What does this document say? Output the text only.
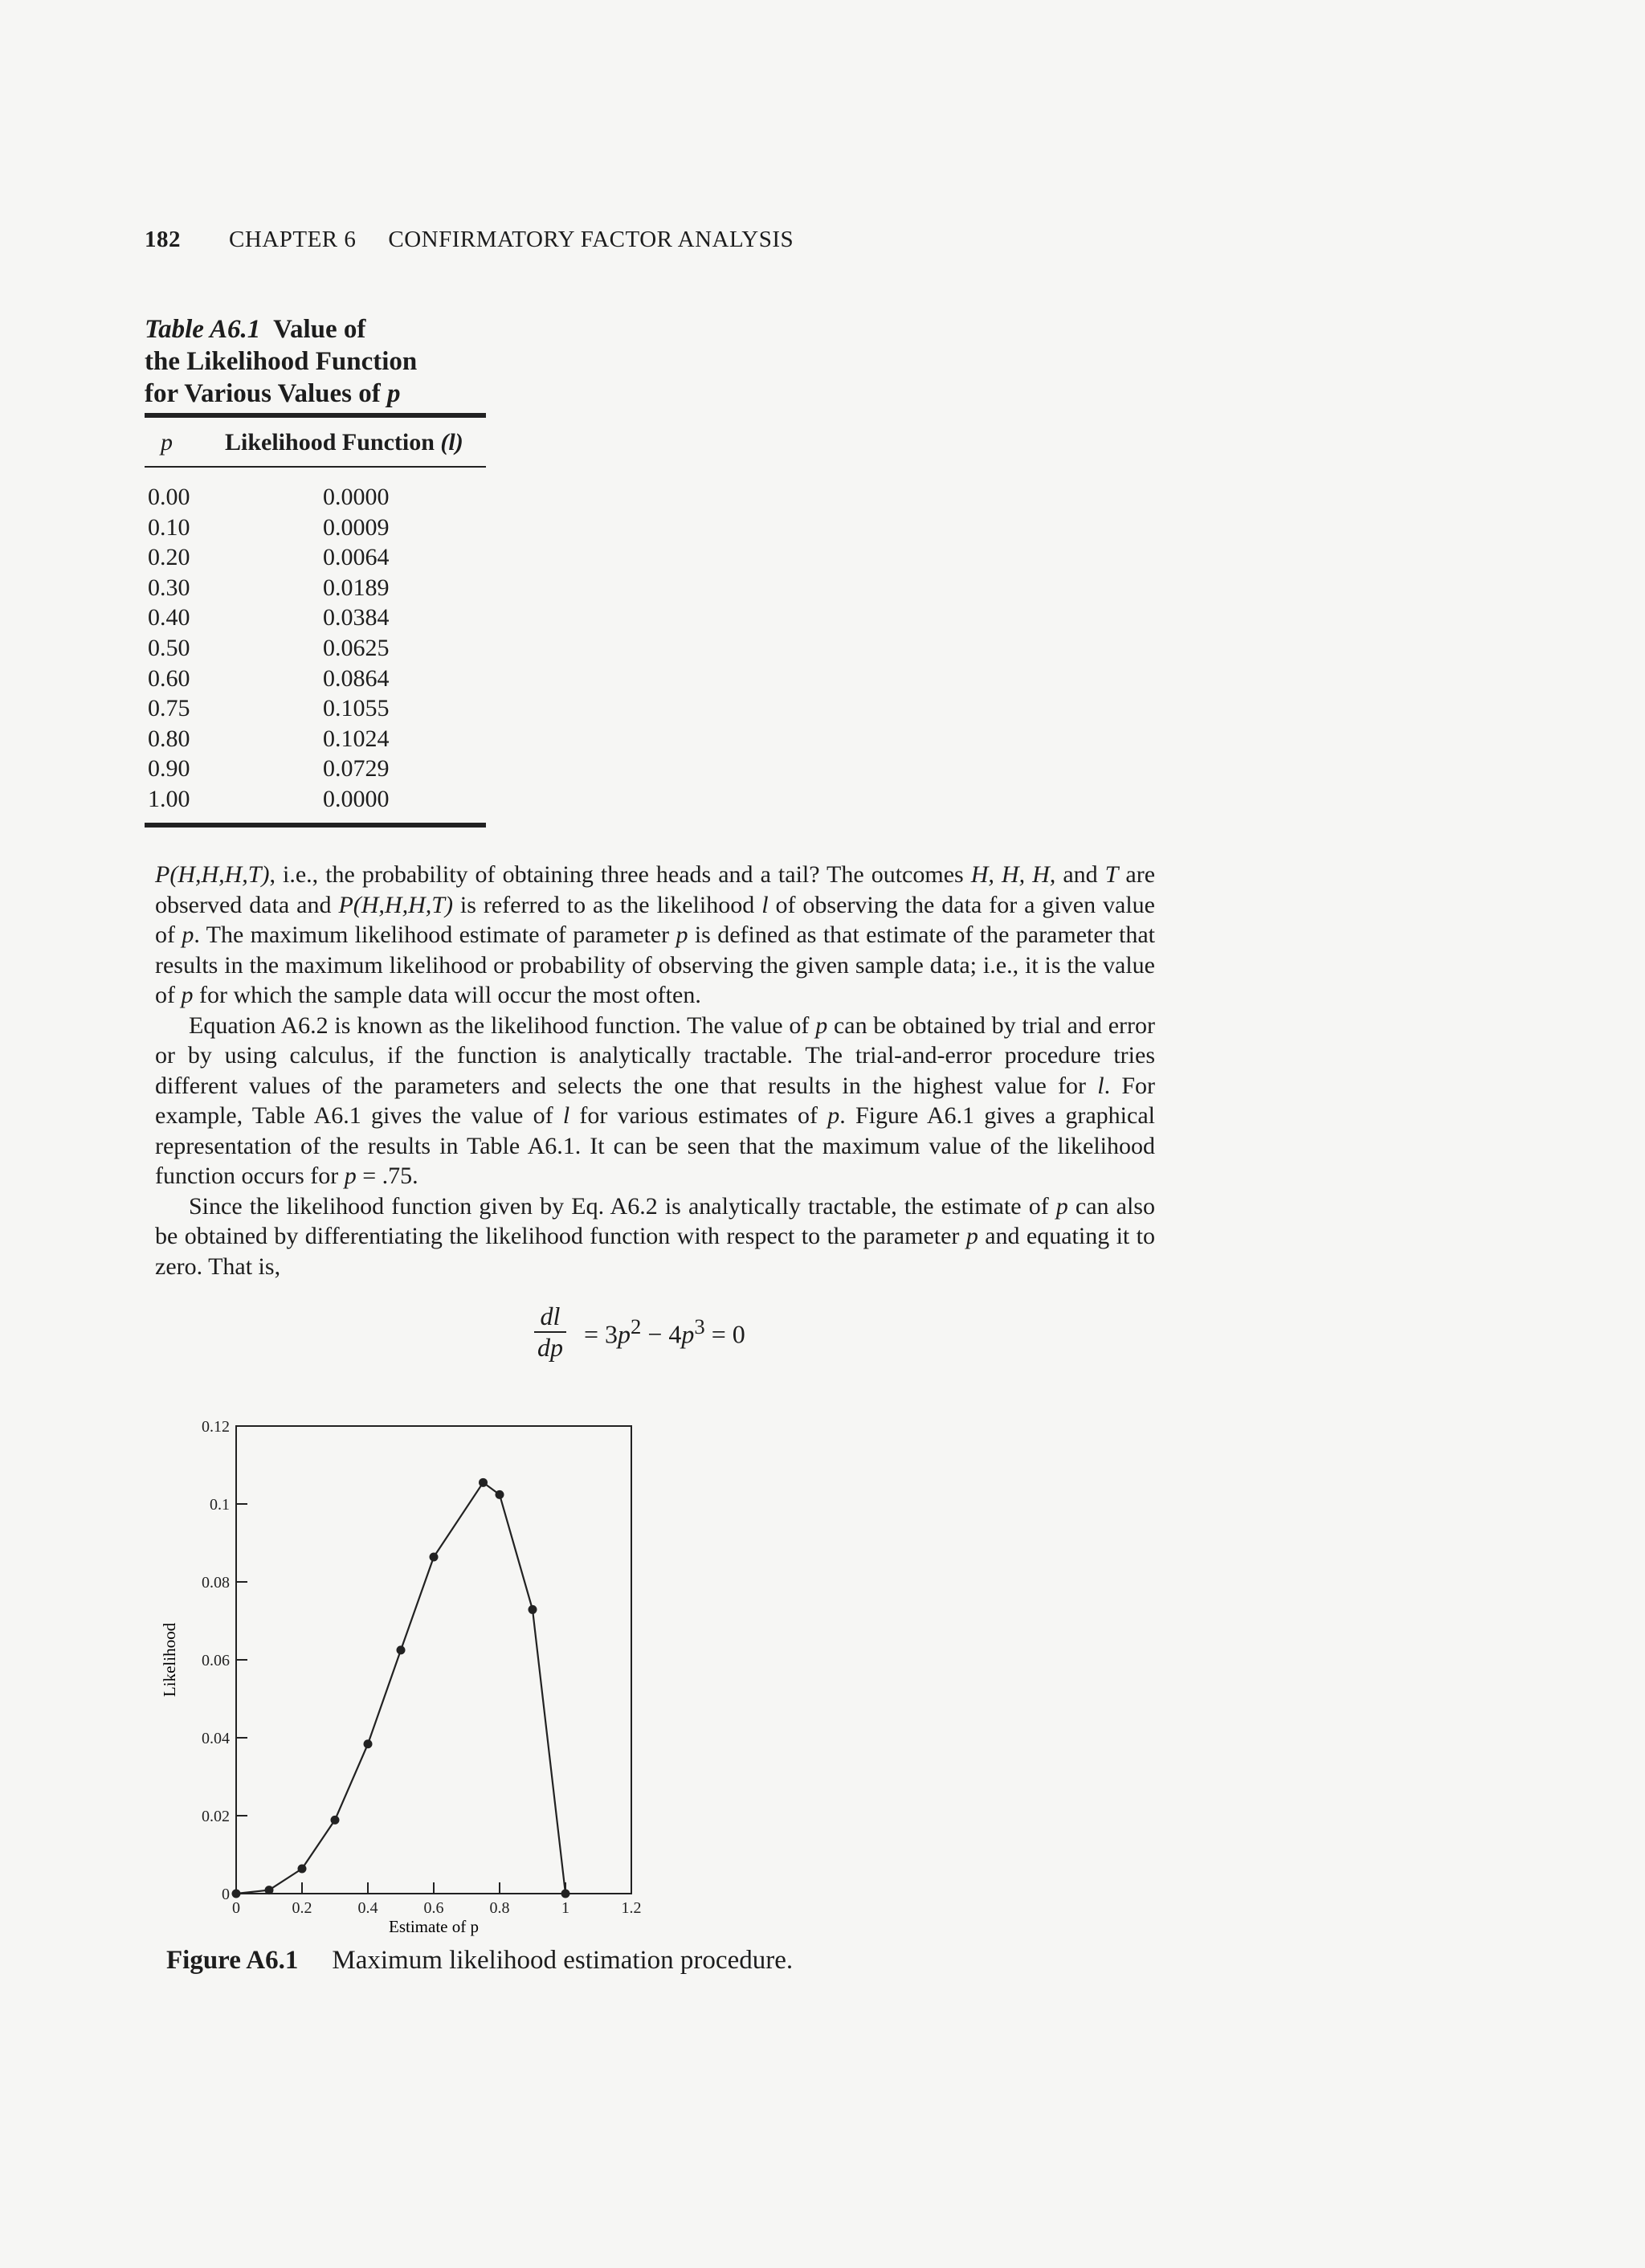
182 CHAPTER 6 CONFIRMATORY FACTOR ANALYSIS
Table A6.1 Value of
the Likelihood Function
for Various Values of p
p Likelihood Function (l)
0.00	0.0000
0.10	0.0009
0.20	0.0064
0.30	0.0189
0.40	0.0384
0.50	0.0625
0.60	0.0864
0.75	0.1055
0.80	0.1024
0.90	0.0729
1.00	0.0000

P(H,H,H,T), i.e., the probability of obtaining three heads and a tail? The outcomes H, H, H, and T are observed data and P(H,H,H,T) is referred to as the likelihood l of observing the data for a given value of p. The maximum likelihood estimate of parameter p is defined as that estimate of the parameter that results in the maximum likelihood or probability of observing the given sample data; i.e., it is the value of p for which the sample data will occur the most often.

Equation A6.2 is known as the likelihood function. The value of p can be obtained by trial and error or by using calculus, if the function is analytically tractable. The trial-and-error procedure tries different values of the parameters and selects the one that results in the highest value for l. For example, Table A6.1 gives the value of l for various estimates of p. Figure A6.1 gives a graphical representation of the results in Table A6.1. It can be seen that the maximum value of the likelihood function occurs for p = .75.

Since the likelihood function given by Eq. A6.2 is analytically tractable, the estimate of p can also be obtained by differentiating the likelihood function with respect to the parameter p and equating it to zero. That is,

$\frac{dl}{dp} = 3p^2 - 4p^3 = 0$
0
0.02
0.04
0.06
0.08
0.1
0.12
0	0.2	0.4	0.6	0.8	1	1.2
Likelihood
Estimate of p
Figure A6.1 Maximum likelihood estimation procedure.
